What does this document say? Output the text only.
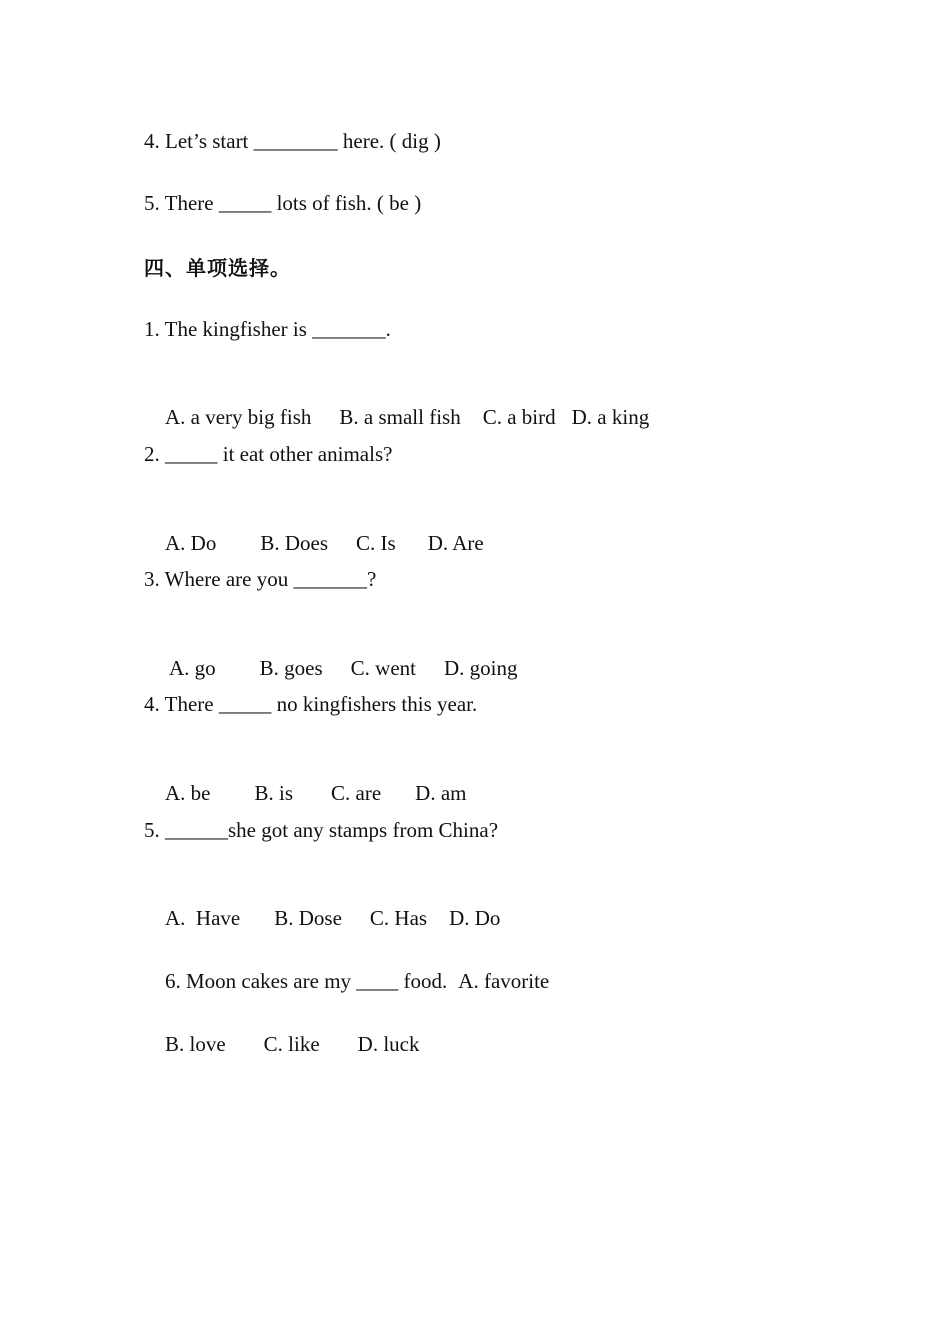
4. Let’s start ________ here. ( dig )
5. There _____ lots of fish. ( be )
四、单项选择。
1. The kingfisher is _______.

A. a very big fish B. a small fish C. a bird D. a king

2. _____ it eat other animals?

A. Do B. Does C. Is D. Are

3. Where are you _______?

A. go B. goes C. went D. going

4. There _____ no kingfishers this year.

A. be B. is C. are D. am

5. ______she got any stamps from China?

A.  Have B. Dose C. Has D. Do

6. Moon cakes are my ____ food. A. favorite

B. love C. like D. luck
